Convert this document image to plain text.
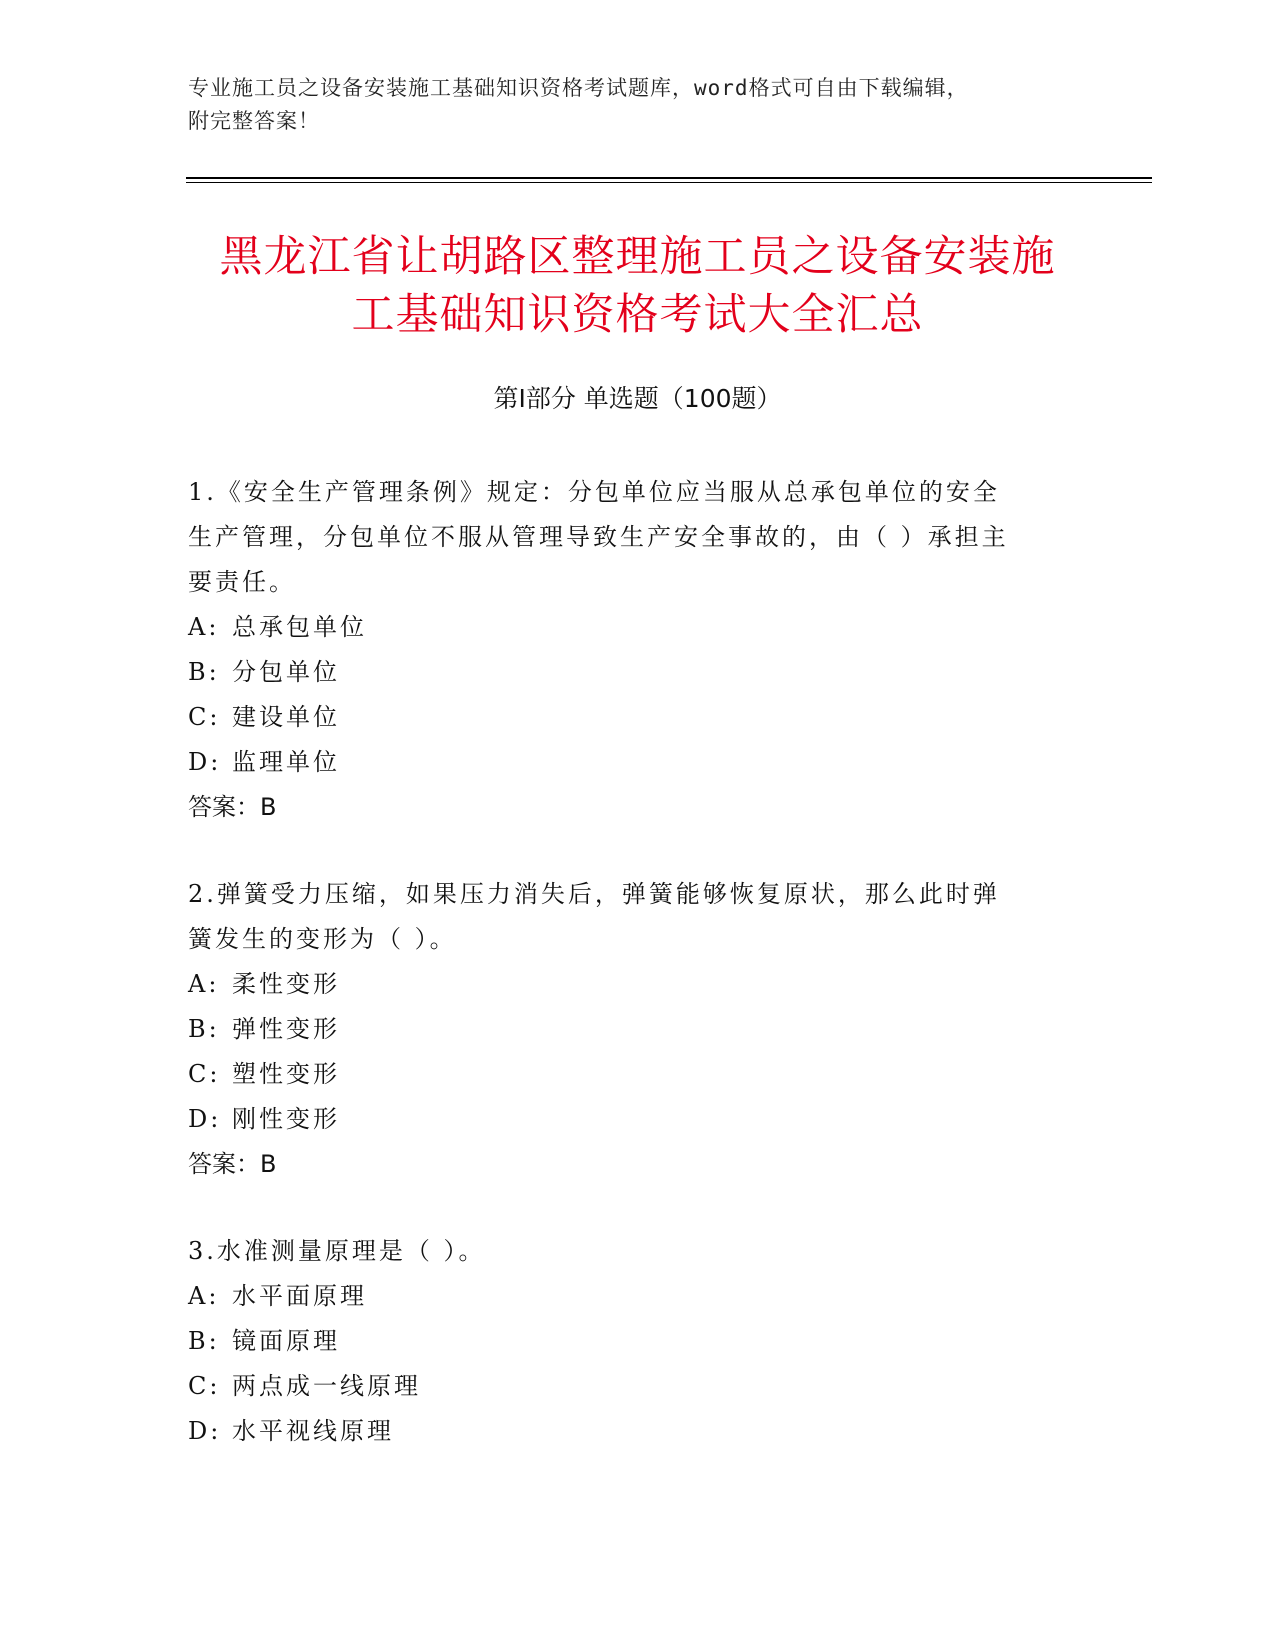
专业施工员之设备安装施工基础知识资格考试题库，word格式可自由下载编辑，
附完整答案！
黑龙江省让胡路区整理施工员之设备安装施
工基础知识资格考试大全汇总
第Ⅰ部分 单选题（100题）

1.《安全生产管理条例》规定：分包单位应当服从总承包单位的安全
生产管理，分包单位不服从管理导致生产安全事故的，由（ ）承担主
要责任。

A: 总承包单位
B: 分包单位
C: 建设单位
D: 监理单位
答案：B

2.弹簧受力压缩，如果压力消失后，弹簧能够恢复原状，那么此时弹
簧发生的变形为（ ）。

A: 柔性变形
B: 弹性变形
C: 塑性变形
D: 刚性变形
答案：B

3.水准测量原理是（ ）。

A: 水平面原理
B: 镜面原理
C: 两点成一线原理
D: 水平视线原理
